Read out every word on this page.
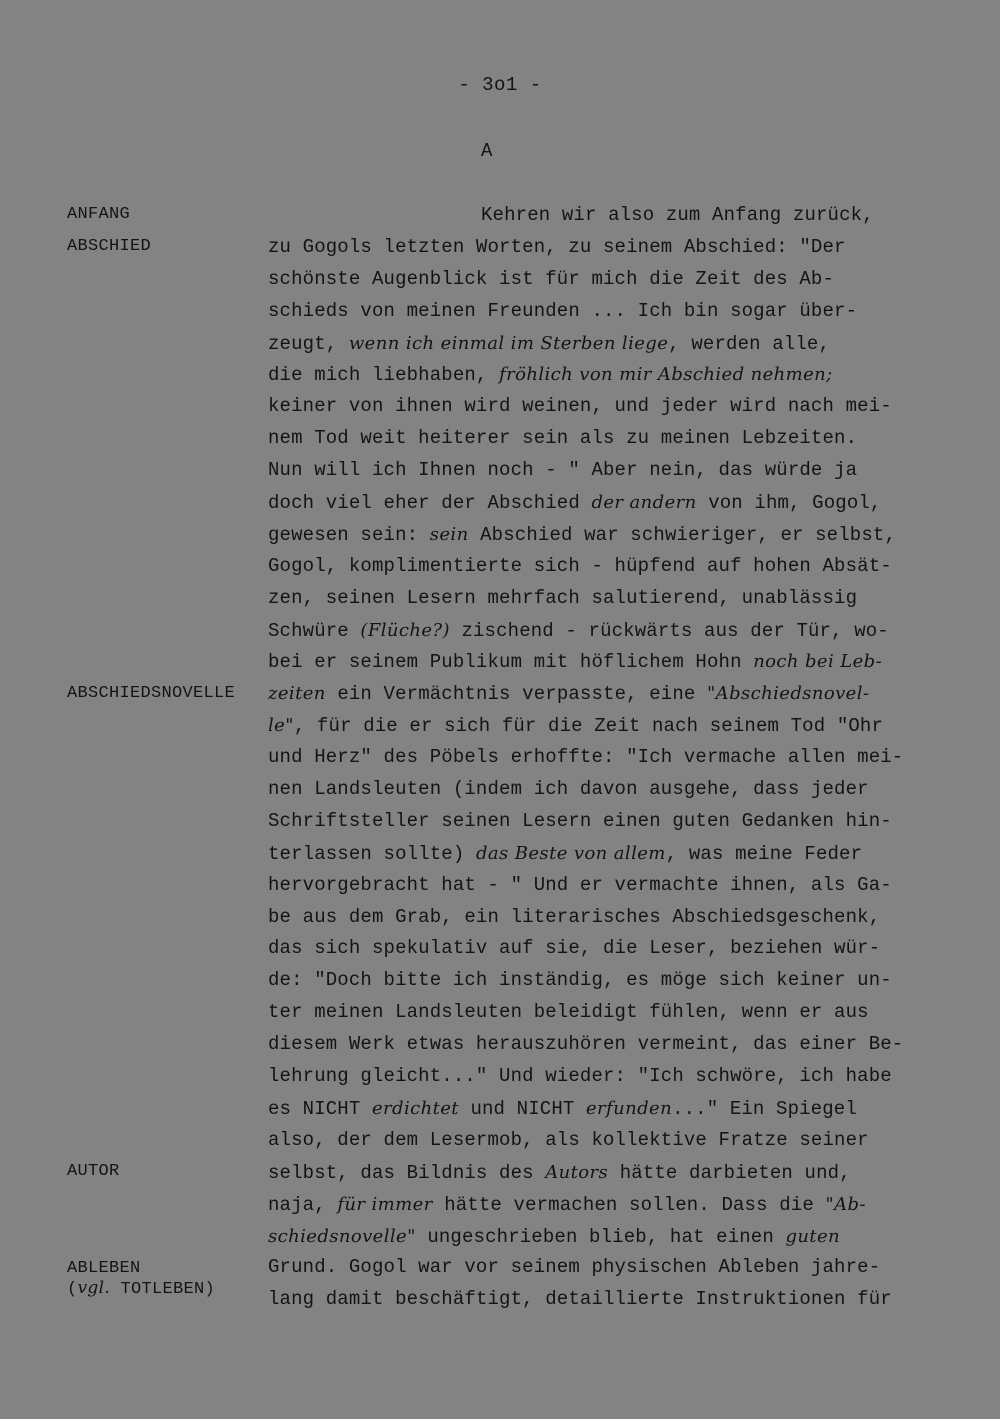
- 3o1 -
A
ANFANG
ABSCHIED
ABSCHIEDSNOVELLE
AUTOR
ABLEBEN
(vgl. TOTLEBEN)
Kehren wir also zum Anfang zurück,
zu Gogols letzten Worten, zu seinem Abschied: "Der
schönste Augenblick ist für mich die Zeit des Ab-
schieds von meinen Freunden ... Ich bin sogar über-
zeugt, wenn ich einmal im Sterben liege, werden alle,
die mich liebhaben, fröhlich von mir Abschied nehmen;
keiner von ihnen wird weinen, und jeder wird nach mei-
nem Tod weit heiterer sein als zu meinen Lebzeiten.
Nun will ich Ihnen noch - " Aber nein, das würde ja
doch viel eher der Abschied der andern von ihm, Gogol,
gewesen sein: sein Abschied war schwieriger, er selbst,
Gogol, komplimentierte sich - hüpfend auf hohen Absät-
zen, seinen Lesern mehrfach salutierend, unablässig
Schwüre (Flüche?) zischend - rückwärts aus der Tür, wo-
bei er seinem Publikum mit höflichem Hohn noch bei Leb-
zeiten ein Vermächtnis verpasste, eine "Abschiedsnovel-
le", für die er sich für die Zeit nach seinem Tod "Ohr
und Herz" des Pöbels erhoffte: "Ich vermache allen mei-
nen Landsleuten (indem ich davon ausgehe, dass jeder
Schriftsteller seinen Lesern einen guten Gedanken hin-
terlassen sollte) das Beste von allem, was meine Feder
hervorgebracht hat - " Und er vermachte ihnen, als Ga-
be aus dem Grab, ein literarisches Abschiedsgeschenk,
das sich spekulativ auf sie, die Leser, beziehen wür-
de: "Doch bitte ich inständig, es möge sich keiner un-
ter meinen Landsleuten beleidigt fühlen, wenn er aus
diesem Werk etwas herauszuhören vermeint, das einer Be-
lehrung gleicht..." Und wieder: "Ich schwöre, ich habe
es NICHT erdichtet und NICHT erfunden..." Ein Spiegel
also, der dem Lesermob, als kollektive Fratze seiner
selbst, das Bildnis des Autors hätte darbieten und,
naja, für immer hätte vermachen sollen. Dass die "Ab-
schiedsnovelle" ungeschrieben blieb, hat einen guten
Grund. Gogol war vor seinem physischen Ableben jahre-
lang damit beschäftigt, detaillierte Instruktionen für
